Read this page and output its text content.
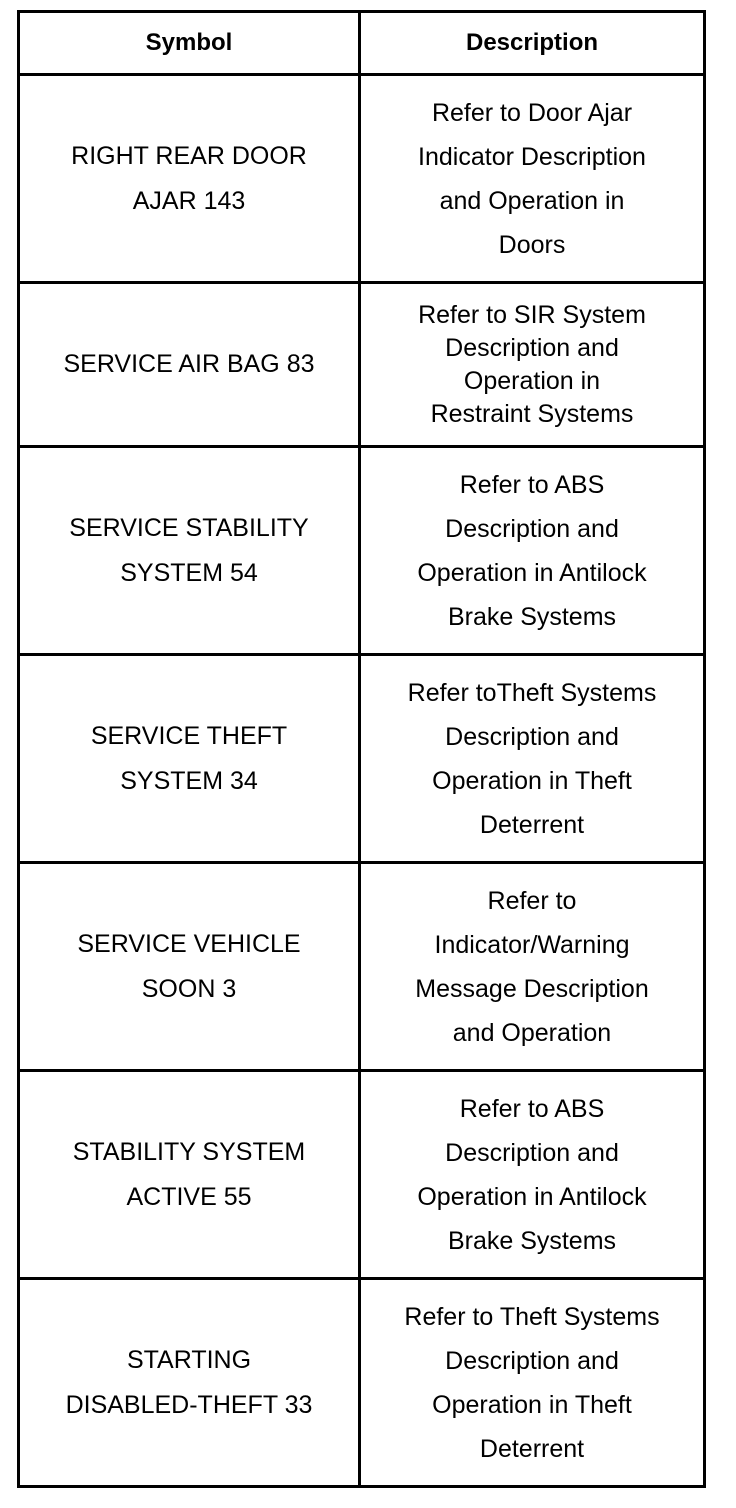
Symbol	Description

RIGHT REAR DOOR
AJAR 143	Refer to Door Ajar
Indicator Description
and Operation in
Doors

SERVICE AIR BAG 83	Refer to SIR System
Description and
Operation in
Restraint Systems

SERVICE STABILITY
SYSTEM 54	Refer to ABS
Description and
Operation in Antilock
Brake Systems

SERVICE THEFT
SYSTEM 34	Refer toTheft Systems
Description and
Operation in Theft
Deterrent

SERVICE VEHICLE
SOON 3	Refer to
Indicator/Warning
Message Description
and Operation

STABILITY SYSTEM
ACTIVE 55	Refer to ABS
Description and
Operation in Antilock
Brake Systems

STARTING
DISABLED-THEFT 33	Refer to Theft Systems
Description and
Operation in Theft
Deterrent
